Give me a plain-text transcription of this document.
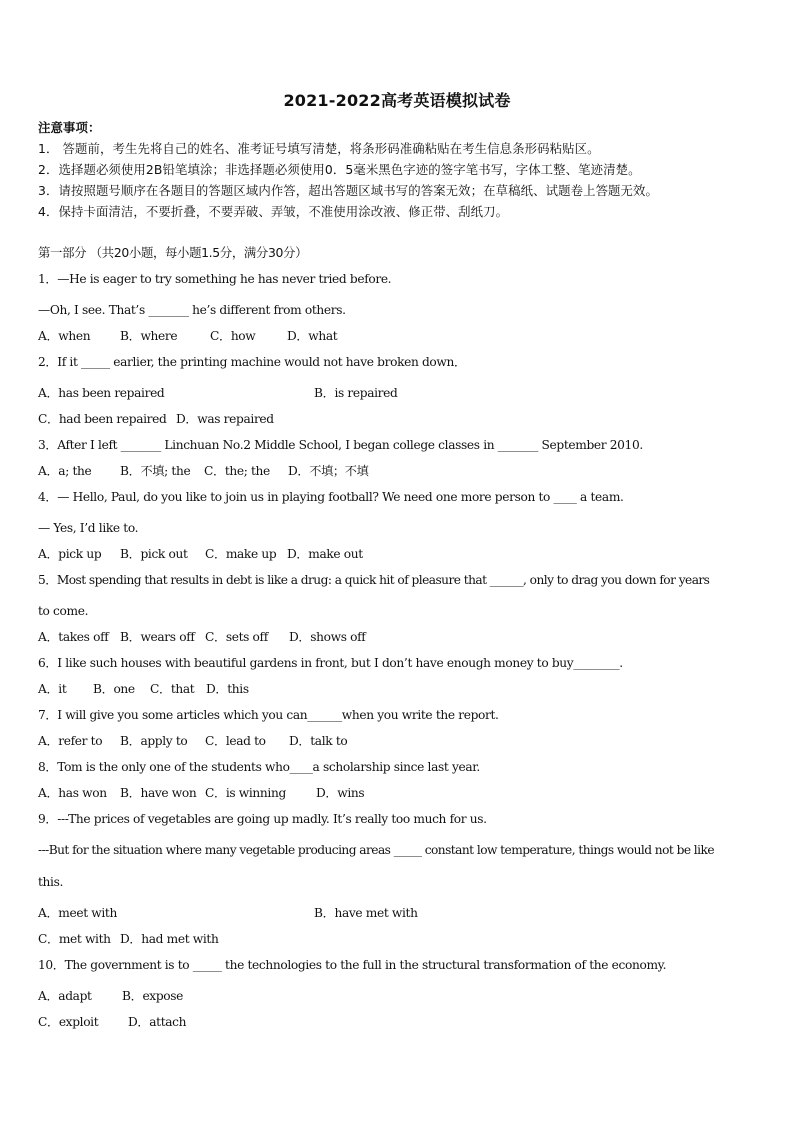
2021-2022高考英语模拟试卷
注意事项：
1． 答题前，考生先将自己的姓名、准考证号填写清楚，将条形码准确粘贴在考生信息条形码粘贴区。
2．选择题必须使用2B铅笔填涂；非选择题必须使用0．5毫米黑色字迹的签字笔书写，字体工整、笔迹清楚。
3．请按照题号顺序在各题目的答题区域内作答，超出答题区域书写的答案无效；在草稿纸、试题卷上答题无效。
4．保持卡面清洁，不要折叠，不要弄破、弄皱，不准使用涂改液、修正带、刮纸刀。
第一部分 （共20小题，每小题1.5分，满分30分）
1．—He is eager to try something he has never tried before.
—Oh, I see. That’s _______ he’s different from others.
A．when B．where	C．how	D．what
2．If it _____ earlier, the printing machine would not have broken down．
A．has been repaired	B．is repaired
C．had been repaired D．was repaired
3．After I left _______ Linchuan No.2 Middle School, I began college classes in _______ September 2010.
A．a; the B．不填; the C．the; the D．不填；不填
4．— Hello, Paul, do you like to join us in playing football? We need one more person to ____ a team.
— Yes, I’d like to.
A．pick up B．pick out C．make up D．make out
5．Most spending that results in debt is like a drug: a quick hit of pleasure that ______, only to drag you down for years
to come.
A．takes off B．wears off C．sets off D．shows off
6．I like such houses with beautiful gardens in front, but I don’t have enough money to buy________.
A．it B．one C．that D．this
7．I will give you some articles which you can______when you write the report.
A．refer to B．apply to C．lead to D．talk to
8．Tom is the only one of the students who____a scholarship since last year.
A．has won B．have won C．is winning D．wins
9．---The prices of vegetables are going up madly. It’s really too much for us.
---But for the situation where many vegetable producing areas _____ constant low temperature, things would not be like
this.
A．meet with	B．have met with
C．met with D．had met with
10．The government is to _____ the technologies to the full in the structural transformation of the economy.
A．adapt B．expose
C．exploit D．attach
